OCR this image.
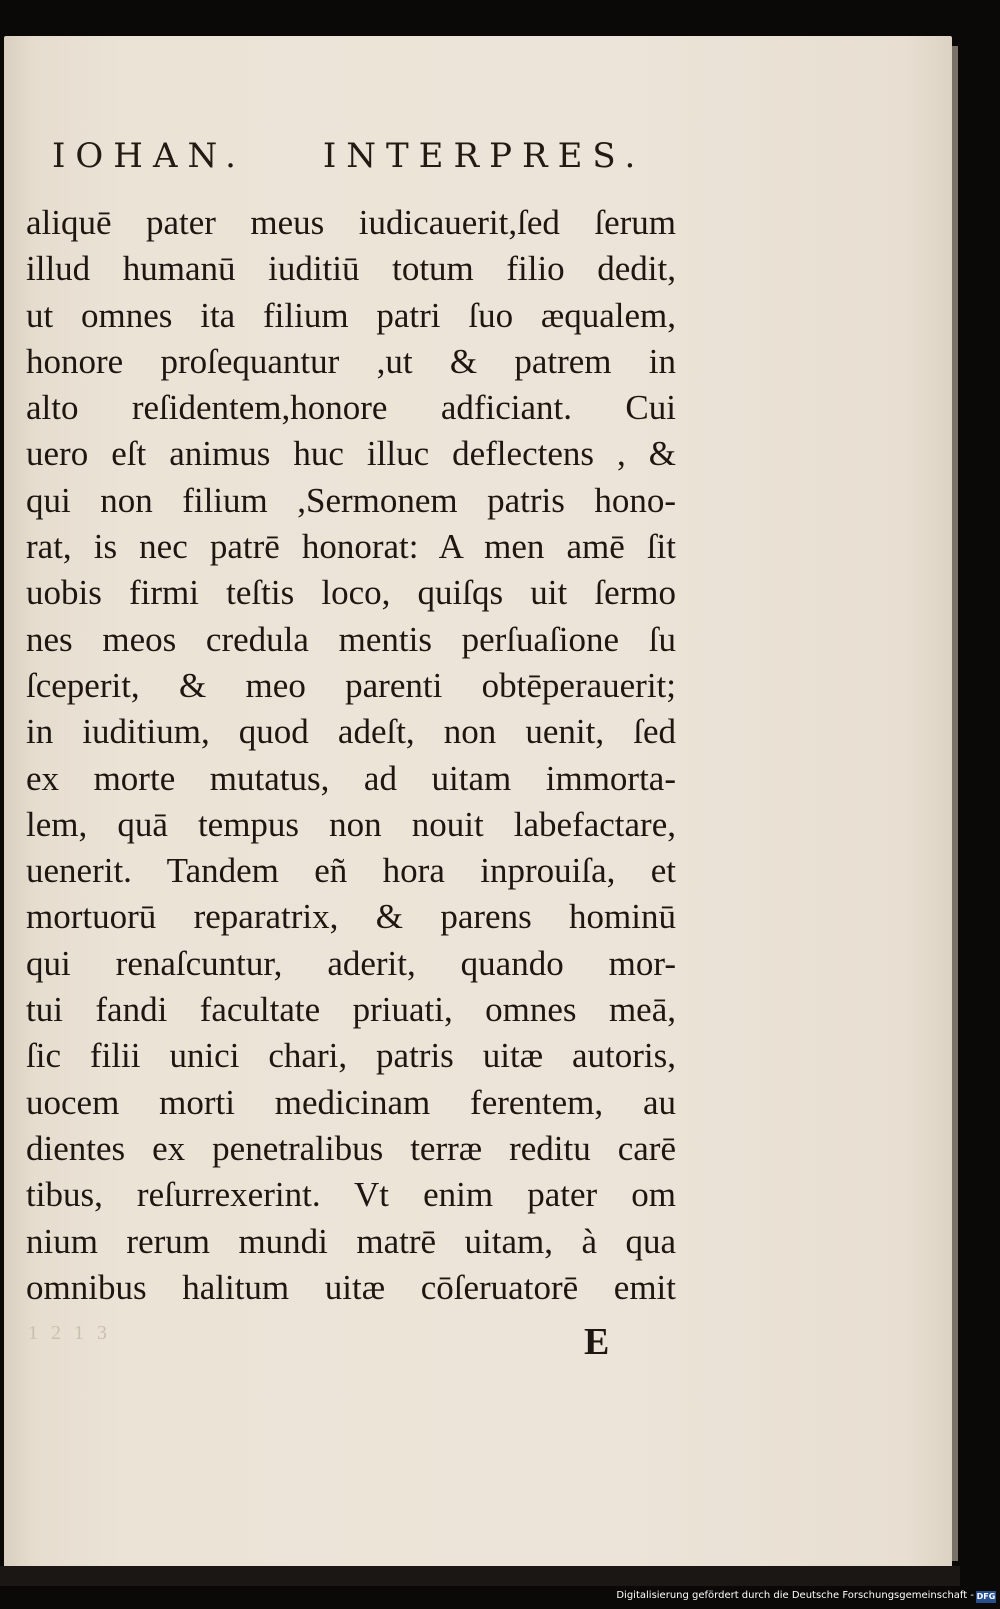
IOHAN. INTERPRES.
aliquē pater meus iudicauerit,ſed ſerum
illud humanū iuditiū totum filio dedit,
ut omnes ita filium patri ſuo æqualem,
honore proſequantur ,ut & patrem in
alto reſidentem,honore adficiant. Cui
uero eſt animus huc illuc deflectens , &
qui non filium ,Sermonem patris hono-
rat, is nec patrē honorat: A men amē ſit
uobis firmi teſtis loco, quiſqs uit ſermo
nes meos credula mentis perſuaſione ſu
ſceperit, & meo parenti obtēperauerit;
in iuditium, quod adeſt, non uenit, ſed
ex morte mutatus, ad uitam immorta-
lem, quā tempus non nouit labefactare,
uenerit. Tandem eñ hora inprouiſa, et
mortuorū reparatrix, & parens hominū
qui renaſcuntur, aderit, quando mor-
tui fandi facultate priuati, omnes meā,
ſic filii unici chari, patris uitæ autoris,
uocem morti medicinam ferentem, au
dientes ex penetralibus terræ reditu carē
tibus, reſurrexerint. Vt enim pater om
nium rerum mundi matrē uitam, à qua
omnibus halitum uitæ cōſeruatorē emit
1 2 1 3	E
Digitalisierung gefördert durch die Deutsche Forschungsgemeinschaft - DFG
